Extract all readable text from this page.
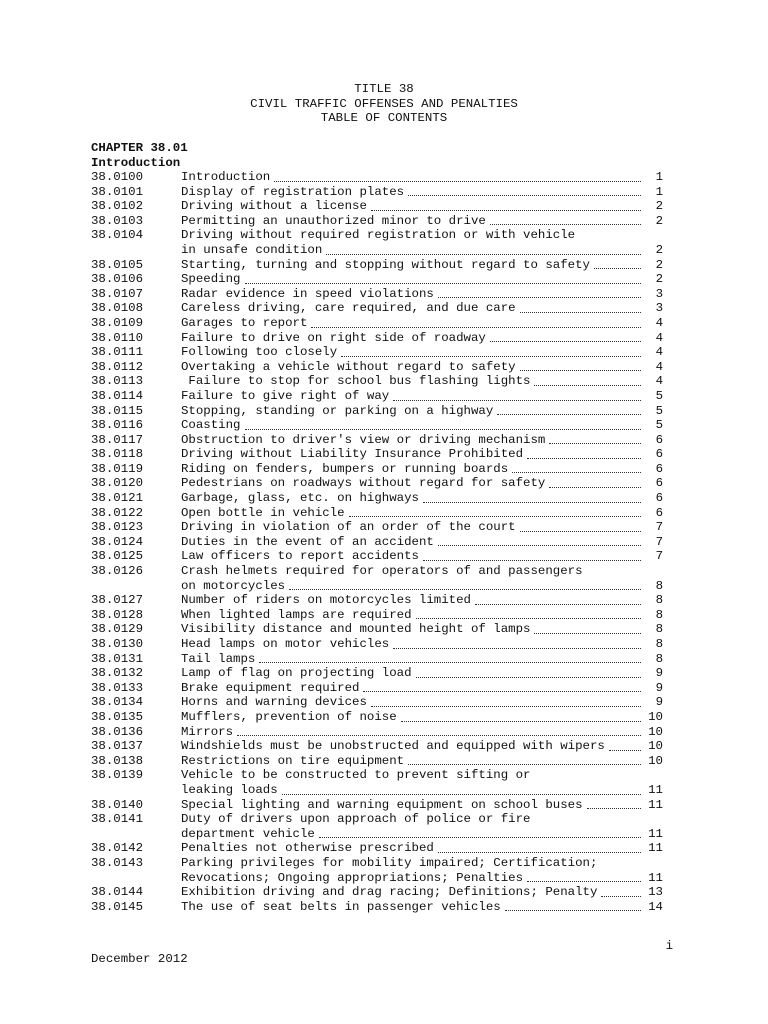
TITLE 38
CIVIL TRAFFIC OFFENSES AND PENALTIES
TABLE OF CONTENTS
CHAPTER 38.01
Introduction
38.0100	Introduction	1
38.0101	Display of registration plates	1
38.0102	Driving without a license	2
38.0103	Permitting an unauthorized minor to drive	2
38.0104	Driving without required registration or with vehicle
in unsafe condition	2
38.0105	Starting, turning and stopping without regard to safety	2
38.0106	Speeding	2
38.0107	Radar evidence in speed violations	3
38.0108	Careless driving, care required, and due care	3
38.0109	Garages to report	4
38.0110	Failure to drive on right side of roadway	4
38.0111	Following too closely	4
38.0112	Overtaking a vehicle without regard to safety	4
38.0113	Failure to stop for school bus flashing lights	4
38.0114	Failure to give right of way	5
38.0115	Stopping, standing or parking on a highway	5
38.0116	Coasting	5
38.0117	Obstruction to driver's view or driving mechanism	6
38.0118	Driving without Liability Insurance Prohibited	6
38.0119	Riding on fenders, bumpers or running boards	6
38.0120	Pedestrians on roadways without regard for safety	6
38.0121	Garbage, glass, etc. on highways	6
38.0122	Open bottle in vehicle	6
38.0123	Driving in violation of an order of the court	7
38.0124	Duties in the event of an accident	7
38.0125	Law officers to report accidents	7
38.0126	Crash helmets required for operators of and passengers
on motorcycles	8
38.0127	Number of riders on motorcycles limited	8
38.0128	When lighted lamps are required	8
38.0129	Visibility distance and mounted height of lamps	8
38.0130	Head lamps on motor vehicles	8
38.0131	Tail lamps	8
38.0132	Lamp of flag on projecting load	9
38.0133	Brake equipment required	9
38.0134	Horns and warning devices	9
38.0135	Mufflers, prevention of noise	10
38.0136	Mirrors	10
38.0137	Windshields must be unobstructed and equipped with wipers	10
38.0138	Restrictions on tire equipment	10
38.0139	Vehicle to be constructed to prevent sifting or
leaking loads	11
38.0140	Special lighting and warning equipment on school buses	11
38.0141	Duty of drivers upon approach of police or fire
department vehicle	11
38.0142	Penalties not otherwise prescribed	11
38.0143	Parking privileges for mobility impaired; Certification;
Revocations; Ongoing appropriations; Penalties	11
38.0144	Exhibition driving and drag racing; Definitions; Penalty	13
38.0145	The use of seat belts in passenger vehicles	14
i
December 2012
